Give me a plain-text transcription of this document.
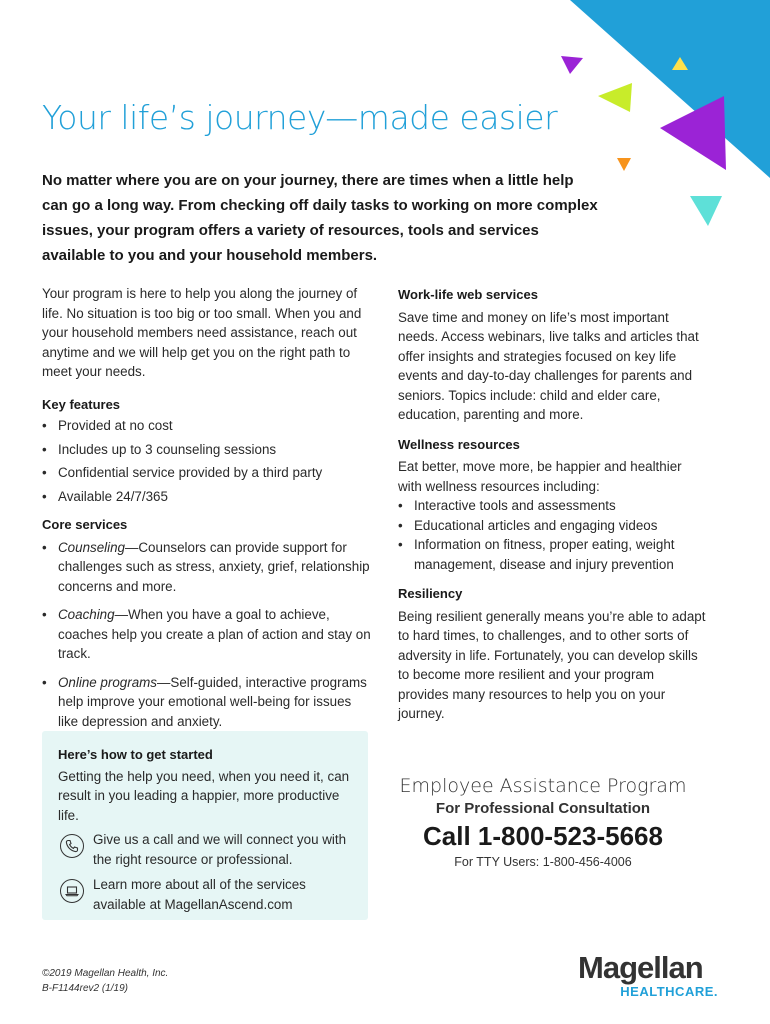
Your life’s journey—made easier
No matter where you are on your journey, there are times when a little help can go a long way. From checking off daily tasks to working on more complex issues, your program offers a variety of resources, tools and services available to you and your household members.

Your program is here to help you along the journey of life. No situation is too big or too small. When you and your household members need assistance, reach out anytime and we will help get you on the right path to meet your needs.

Key features
• Provided at no cost
• Includes up to 3 counseling sessions
• Confidential service provided by a third party
• Available 24/7/365
Core services
• Counseling—Counselors can provide support for challenges such as stress, anxiety, grief, relationship concerns and more.
• Coaching—When you have a goal to achieve, coaches help you create a plan of action and stay on track.
• Online programs—Self-guided, interactive programs help improve your emotional well-being for issues like depression and anxiety.
Work-life web services

Save time and money on life’s most important needs. Access webinars, live talks and articles that offer insights and strategies focused on key life events and day-to-day challenges for parents and seniors. Topics include: child and elder care, education, parenting and more.

Wellness resources

Eat better, move more, be happier and healthier with wellness resources including:

• Interactive tools and assessments
• Educational articles and engaging videos
• Information on fitness, proper eating, weight management, disease and injury prevention
Resiliency

Being resilient generally means you’re able to adapt to hard times, to challenges, and to other sorts of adversity in life. Fortunately, you can develop skills to become more resilient and your program provides many resources to help you on your journey.

Here’s how to get started

Getting the help you need, when you need it, can result in you leading a happier, more productive life.

Give us a call and we will connect you with the right resource or professional.
Learn more about all of the services available at MagellanAscend.com
Employee Assistance Program
For Professional Consultation
Call 1-800-523-5668
For TTY Users: 1-800-456-4006
©2019 Magellan Health, Inc.
B-F1144rev2 (1/19)
Magellan
HEALTHCARE.
